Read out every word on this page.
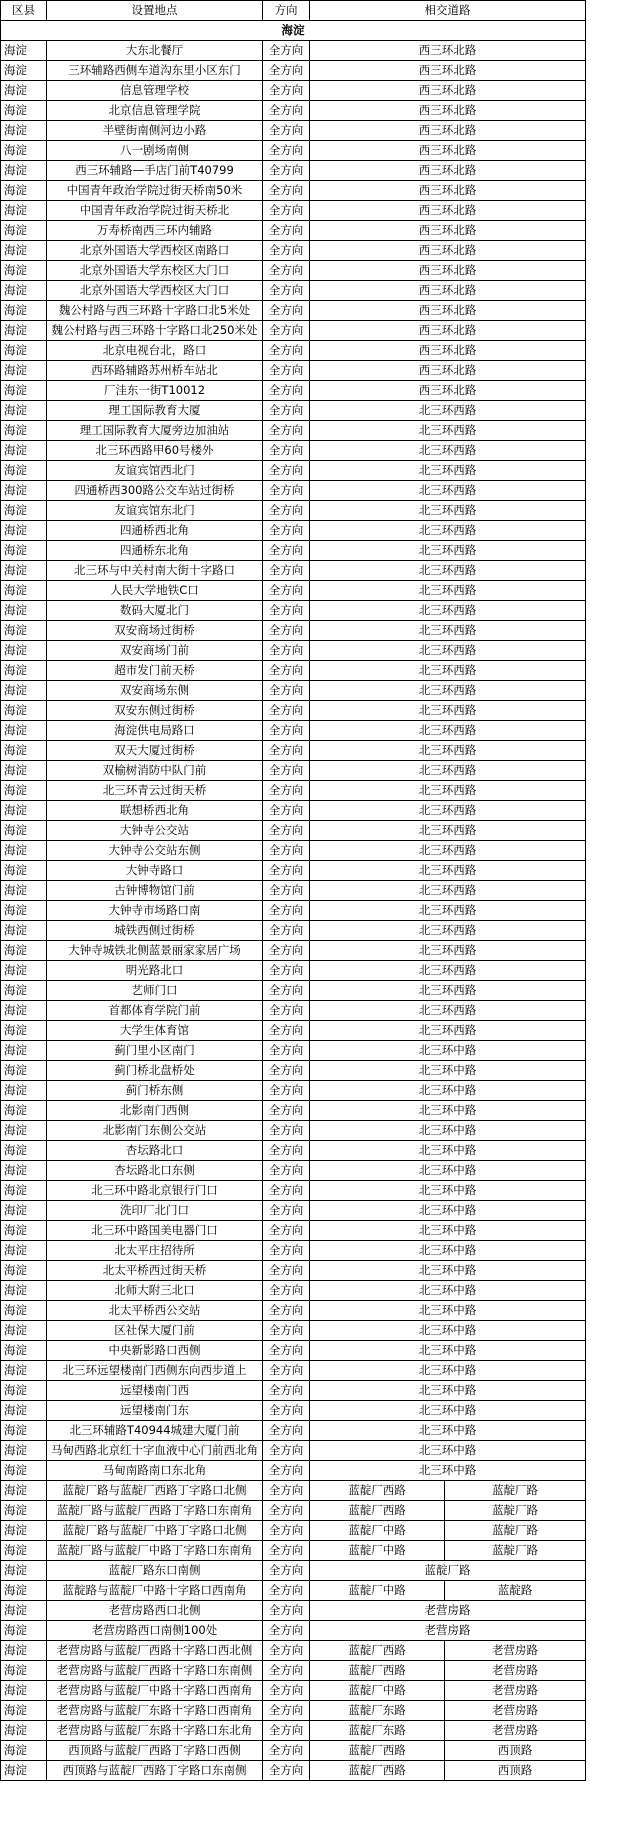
区县	设置地点	方向	相交道路	
海淀				
海淀	大东北餐厅	全方向	西三环北路	
海淀	三环辅路西侧车道沟东里小区东门	全方向	西三环北路	
海淀	信息管理学校	全方向	西三环北路	
海淀	北京信息管理学院	全方向	西三环北路	
海淀	半壁街南侧河边小路	全方向	西三环北路	
海淀	八一剧场南侧	全方向	西三环北路	
海淀	西三环辅路—手店门前T40799	全方向	西三环北路	
海淀	中国青年政治学院过街天桥南50米	全方向	西三环北路	
海淀	中国青年政治学院过街天桥北	全方向	西三环北路	
海淀	万寿桥南西三环内辅路	全方向	西三环北路	
海淀	北京外国语大学西校区南路口	全方向	西三环北路	
海淀	北京外国语大学东校区大门口	全方向	西三环北路	
海淀	北京外国语大学西校区大门口	全方向	西三环北路	
海淀	魏公村路与西三环路十字路口北5米处	全方向	西三环北路	
海淀	魏公村路与西三环路十字路口北250米处	全方向	西三环北路	
海淀	北京电视台北，路口	全方向	西三环北路	
海淀	西环路辅路苏州桥车站北	全方向	西三环北路	
海淀	厂洼东一街T10012	全方向	西三环北路	
海淀	理工国际教育大厦	全方向	北三环西路	
海淀	理工国际教育大厦旁边加油站	全方向	北三环西路	
海淀	北三环西路甲60号楼外	全方向	北三环西路	
海淀	友谊宾馆西北门	全方向	北三环西路	
海淀	四通桥西300路公交车站过街桥	全方向	北三环西路	
海淀	友谊宾馆东北门	全方向	北三环西路	
海淀	四通桥西北角	全方向	北三环西路	
海淀	四通桥东北角	全方向	北三环西路	
海淀	北三环与中关村南大街十字路口	全方向	北三环西路	
海淀	人民大学地铁C口	全方向	北三环西路	
海淀	数码大厦北门	全方向	北三环西路	
海淀	双安商场过街桥	全方向	北三环西路	
海淀	双安商场门前	全方向	北三环西路	
海淀	超市发门前天桥	全方向	北三环西路	
海淀	双安商场东侧	全方向	北三环西路	
海淀	双安东侧过街桥	全方向	北三环西路	
海淀	海淀供电局路口	全方向	北三环西路	
海淀	双天大厦过街桥	全方向	北三环西路	
海淀	双榆树消防中队门前	全方向	北三环西路	
海淀	北三环青云过街天桥	全方向	北三环西路	
海淀	联想桥西北角	全方向	北三环西路	
海淀	大钟寺公交站	全方向	北三环西路	
海淀	大钟寺公交站东侧	全方向	北三环西路	
海淀	大钟寺路口	全方向	北三环西路	
海淀	古钟博物馆门前	全方向	北三环西路	
海淀	大钟寺市场路口南	全方向	北三环西路	
海淀	城铁西侧过街桥	全方向	北三环西路	
海淀	大钟寺城铁北侧蓝景丽家家居广场	全方向	北三环西路	
海淀	明光路北口	全方向	北三环西路	
海淀	艺师门口	全方向	北三环西路	
海淀	首都体育学院门前	全方向	北三环西路	
海淀	大学生体育馆	全方向	北三环西路	
海淀	蓟门里小区南门	全方向	北三环中路	
海淀	蓟门桥北盘桥处	全方向	北三环中路	
海淀	蓟门桥东侧	全方向	北三环中路	
海淀	北影南门西侧	全方向	北三环中路	
海淀	北影南门东侧公交站	全方向	北三环中路	
海淀	杏坛路北口	全方向	北三环中路	
海淀	杏坛路北口东侧	全方向	北三环中路	
海淀	北三环中路北京银行门口	全方向	北三环中路	
海淀	洗印厂北门口	全方向	北三环中路	
海淀	北三环中路国美电器门口	全方向	北三环中路	
海淀	北太平庄招待所	全方向	北三环中路	
海淀	北太平桥西过街天桥	全方向	北三环中路	
海淀	北师大附三北口	全方向	北三环中路	
海淀	北太平桥西公交站	全方向	北三环中路	
海淀	区社保大厦门前	全方向	北三环中路	
海淀	中央新影路口西侧	全方向	北三环中路	
海淀	北三环远望楼南门西侧东向西步道上	全方向	北三环中路	
海淀	远望楼南门西	全方向	北三环中路	
海淀	远望楼南门东	全方向	北三环中路	
海淀	北三环辅路T40944城建大厦门前	全方向	北三环中路	
海淀	马甸西路北京红十字血液中心门前西北角	全方向	北三环中路	
海淀	马甸南路南口东北角	全方向	北三环中路	
海淀	蓝靛厂路与蓝靛厂西路丁字路口北侧	全方向	蓝靛厂西路	蓝靛厂路
海淀	蓝靛厂路与蓝靛厂西路丁字路口东南角	全方向	蓝靛厂西路	蓝靛厂路
海淀	蓝靛厂路与蓝靛厂中路丁字路口北侧	全方向	蓝靛厂中路	蓝靛厂路
海淀	蓝靛厂路与蓝靛厂中路丁字路口东南角	全方向	蓝靛厂中路	蓝靛厂路
海淀	蓝靛厂路东口南侧	全方向	蓝靛厂路	
海淀	蓝靛路与蓝靛厂中路十字路口西南角	全方向	蓝靛厂中路	蓝靛路
海淀	老营房路西口北侧	全方向	老营房路	
海淀	老营房路西口南侧100处	全方向	老营房路	
海淀	老营房路与蓝靛厂西路十字路口西北侧	全方向	蓝靛厂西路	老营房路
海淀	老营房路与蓝靛厂西路十字路口东南侧	全方向	蓝靛厂西路	老营房路
海淀	老营房路与蓝靛厂中路十字路口西南角	全方向	蓝靛厂中路	老营房路
海淀	老营房路与蓝靛厂东路十字路口西南角	全方向	蓝靛厂东路	老营房路
海淀	老营房路与蓝靛厂东路十字路口东北角	全方向	蓝靛厂东路	老营房路
海淀	西顶路与蓝靛厂西路丁字路口西侧	全方向	蓝靛厂西路	西顶路
海淀	西顶路与蓝靛厂西路丁字路口东南侧	全方向	蓝靛厂西路	西顶路
